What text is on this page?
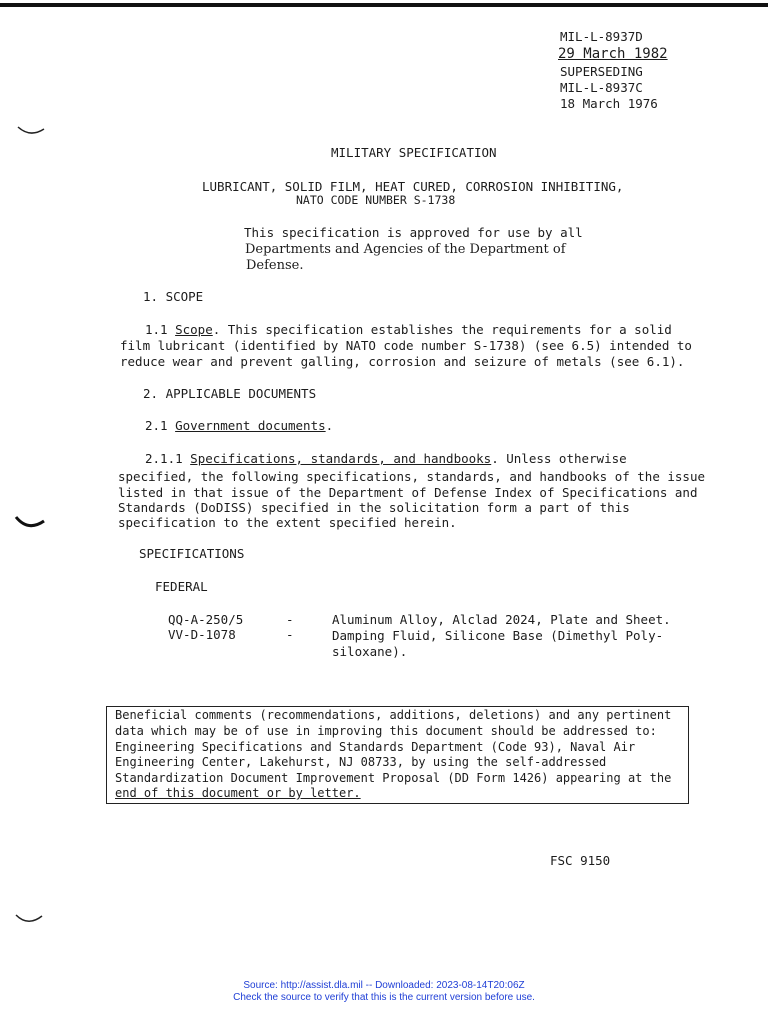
MIL-L-8937D
29 March 1982
SUPERSEDING
MIL-L-8937C
18 March 1976
MILITARY SPECIFICATION
LUBRICANT, SOLID FILM, HEAT CURED, CORROSION INHIBITING,
NATO CODE NUMBER S-1738
This specification is approved for use by all
Departments and Agencies of the Department of
Defense.
1. SCOPE
1.1 Scope. This specification establishes the requirements for a solid
film lubricant (identified by NATO code number S-1738) (see 6.5) intended to
reduce wear and prevent galling, corrosion and seizure of metals (see 6.1).
2. APPLICABLE DOCUMENTS
2.1 Government documents.
2.1.1 Specifications, standards, and handbooks. Unless otherwise
specified, the following specifications, standards, and handbooks of the issue
listed in that issue of the Department of Defense Index of Specifications and
Standards (DoDISS) specified in the solicitation form a part of this
specification to the extent specified herein.
SPECIFICATIONS
FEDERAL
QQ-A-250/5	-	Aluminum Alloy, Alclad 2024, Plate and Sheet.
VV-D-1078	-	Damping Fluid, Silicone Base (Dimethyl Poly-
siloxane).
Beneficial comments (recommendations, additions, deletions) and any pertinent
data which may be of use in improving this document should be addressed to:
Engineering Specifications and Standards Department (Code 93), Naval Air
Engineering Center, Lakehurst, NJ 08733, by using the self-addressed
Standardization Document Improvement Proposal (DD Form 1426) appearing at the
end of this document or by letter.
FSC 9150
Source: http://assist.dla.mil -- Downloaded: 2023-08-14T20:06Z
Check the source to verify that this is the current version before use.
